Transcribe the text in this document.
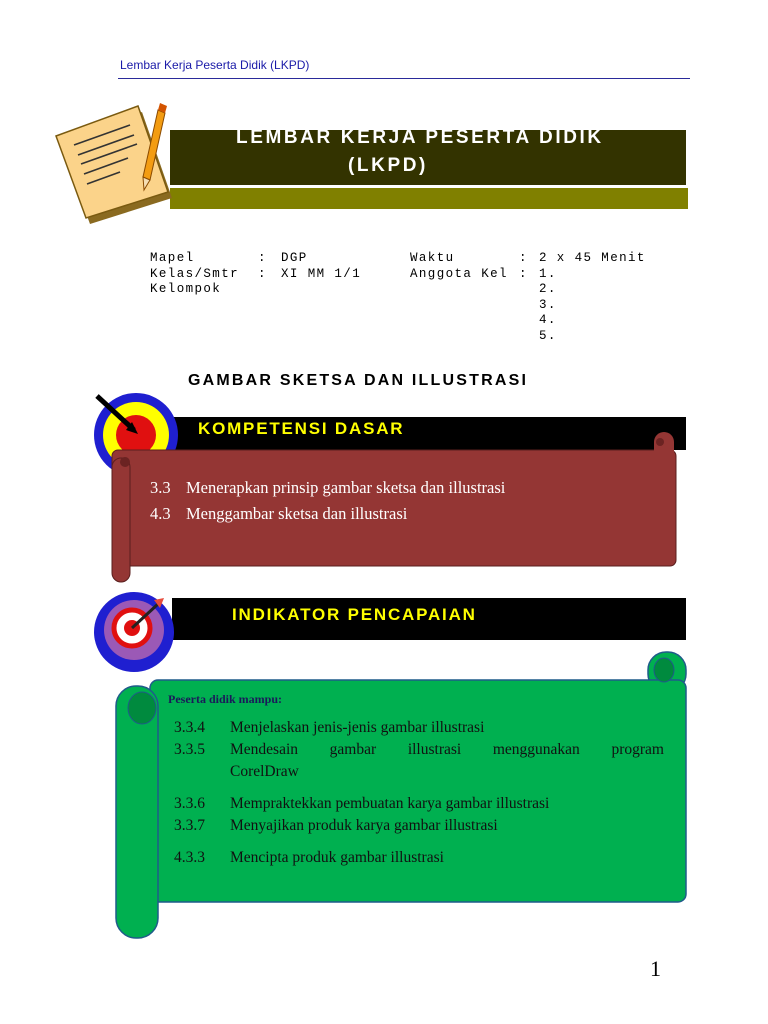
Lembar Kerja Peserta Didik (LKPD)
LEMBAR KERJA PESERTA DIDIK
(LKPD)
Mapel
Kelas/Smtr
Kelompok
:
:
DGP
XI MM 1/1
Waktu
Anggota Kel
:
:
2 x 45 Menit
1.
2.
3.
4.
5.
GAMBAR SKETSA DAN ILLUSTRASI
KOMPETENSI DASAR
3.3 Menerapkan prinsip gambar sketsa dan illustrasi
4.3 Menggambar sketsa dan illustrasi
INDIKATOR PENCAPAIAN
Peserta didik mampu:
3.3.4 Menjelaskan jenis-jenis gambar illustrasi
3.3.5	Mendesain gambar illustrasi menggunakan program
CorelDraw
3.3.6 Mempraktekkan pembuatan karya gambar illustrasi
3.3.7 Menyajikan produk karya gambar illustrasi
4.3.3 Mencipta produk gambar illustrasi
1
